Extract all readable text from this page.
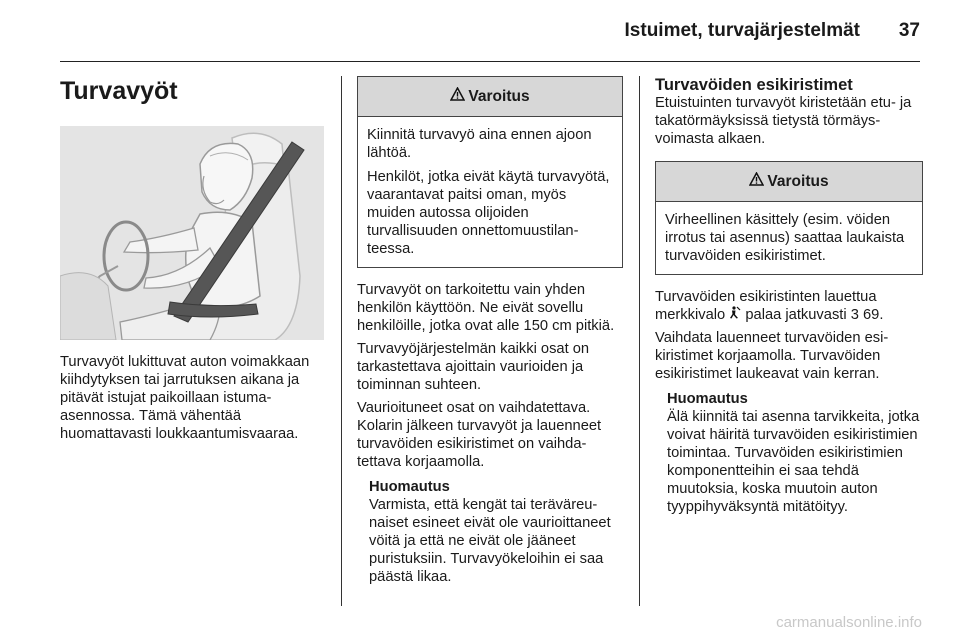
Istuimet, turvajärjestelmät 37
Turvavyöt

Turvavyöt lukittuvat auton voimakkaan kiihdytyksen tai jarrutuksen aikana ja pitävät istujat paikoillaan istuma-asennossa. Tämä vähentää huomattavasti loukkaantumisvaaraa.

Varoitus

Kiinnitä turvavyö aina ennen ajoon lähtöä.

Henkilöt, jotka eivät käytä turvavyötä, vaarantavat paitsi oman, myös muiden autossa olijoiden turvallisuuden onnettomuustilanteessa.

Turvavyöt on tarkoitettu vain yhden henkilön käyttöön. Ne eivät sovellu henkilöille, jotka ovat alle 150 cm pitkiä.

Turvavyöjärjestelmän kaikki osat on tarkastettava ajoittain vaurioiden ja toiminnan suhteen.

Vaurioituneet osat on vaihdatettava. Kolarin jälkeen turvavyöt ja lauenneet turvavöiden esikiristimet on vaihdatettava korjaamolla.

Huomautus

Varmista, että kengät tai teräväreunaiset esineet eivät ole vaurioittaneet vöitä ja että ne eivät ole jääneet puristuksiin. Turvavyökeloihin ei saa päästä likaa.

Turvavöiden esikiristimet

Etuistuinten turvavyöt kiristetään etu- ja takatörmäyksissä tietystä törmäysvoimasta alkaen.

Varoitus

Virheellinen käsittely (esim. vöiden irrotus tai asennus) saattaa laukaista turvavöiden esikiristimet.

Turvavöiden esikiristinten lauettua merkkivalo palaa jatkuvasti 3 69.

Vaihdata lauenneet turvavöiden esikiristimet korjaamolla. Turvavöiden esikiristimet laukeavat vain kerran.

Huomautus

Älä kiinnitä tai asenna tarvikkeita, jotka voivat häiritä turvavöiden esikiristimien toimintaa. Turvavöiden esikiristimien komponentteihin ei saa tehdä muutoksia, koska muutoin auton tyyppihyväksyntä mitätöityy.

carmanualsonline.info
